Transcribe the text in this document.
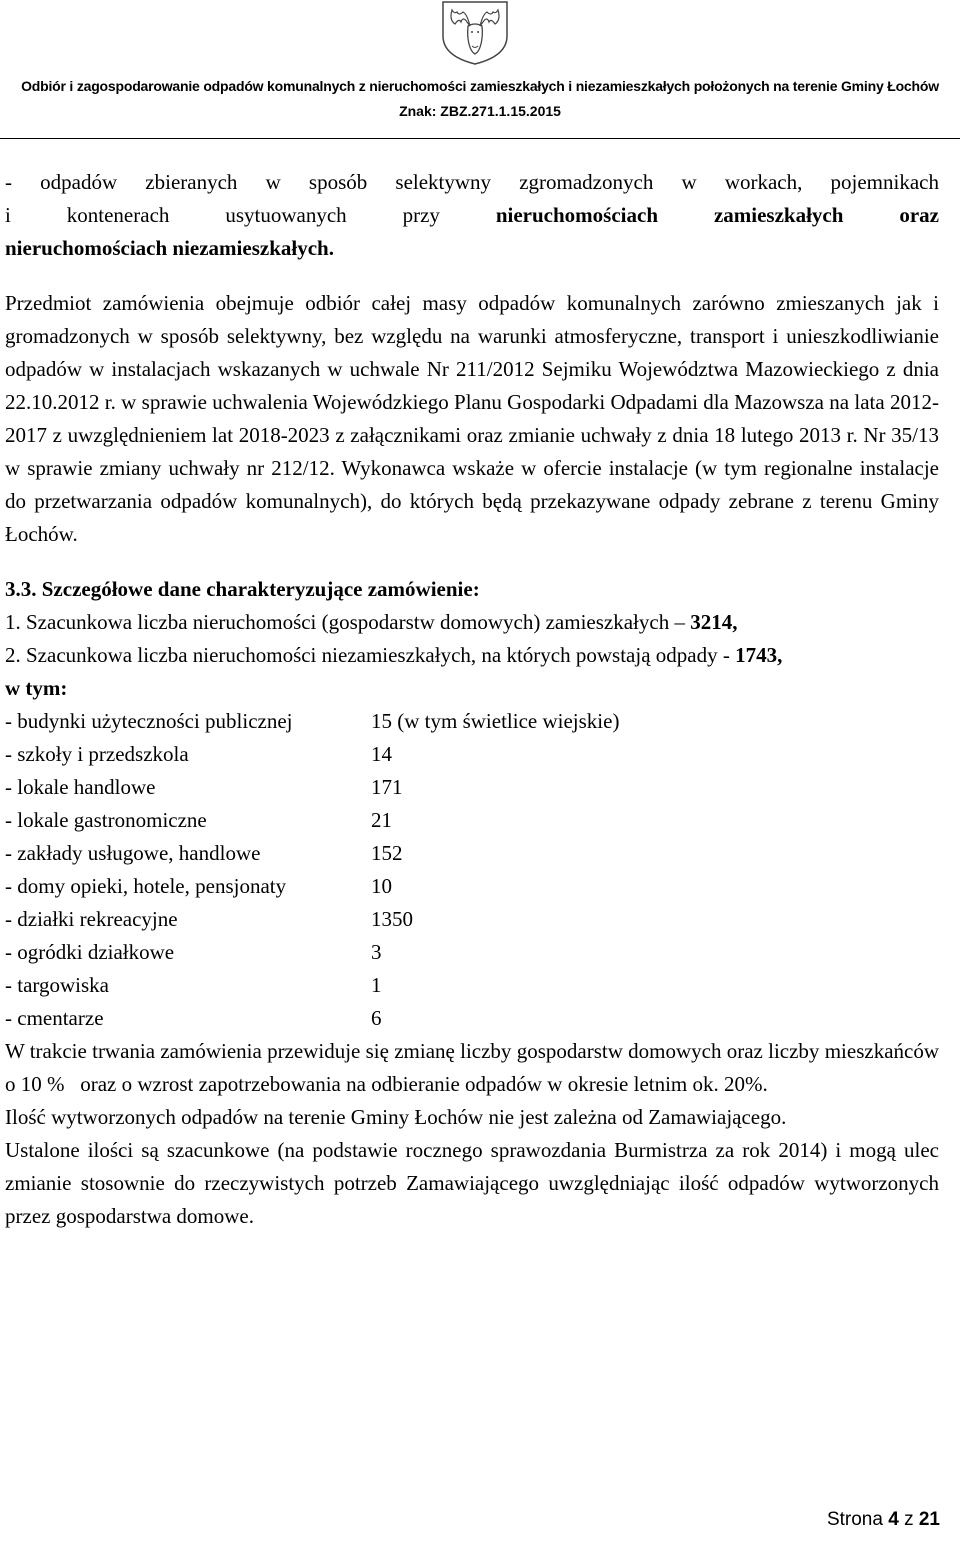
Odbiór i zagospodarowanie odpadów komunalnych z nieruchomości zamieszkałych i niezamieszkałych położonych na terenie Gminy Łochów
Znak: ZBZ.271.1.15.2015

- odpadów zbieranych w sposób selektywny zgromadzonych w workach, pojemnikach

i kontenerach usytuowanych przy nieruchomościach zamieszkałych oraz

nieruchomościach niezamieszkałych.

Przedmiot zamówienia obejmuje odbiór całej masy odpadów komunalnych zarówno zmieszanych jak i gromadzonych w sposób selektywny, bez względu na warunki atmosferyczne, transport i unieszkodliwianie odpadów w instalacjach wskazanych w uchwale Nr 211/2012 Sejmiku Województwa Mazowieckiego z dnia 22.10.2012 r. w sprawie uchwalenia Wojewódzkiego Planu Gospodarki Odpadami dla Mazowsza na lata 2012-2017 z uwzględnieniem lat 2018-2023 z załącznikami oraz zmianie uchwały z dnia 18 lutego 2013 r. Nr 35/13 w sprawie zmiany uchwały nr 212/12. Wykonawca wskaże w ofercie instalacje (w tym regionalne instalacje do przetwarzania odpadów komunalnych), do których będą przekazywane odpady zebrane z terenu Gminy Łochów.

3.3. Szczegółowe dane charakteryzujące zamówienie:

1. Szacunkowa liczba nieruchomości (gospodarstw domowych) zamieszkałych – 3214,

2. Szacunkowa liczba nieruchomości niezamieszkałych, na których powstają odpady - 1743,

w tym:

- budynki użyteczności publicznej	15 (w tym świetlice wiejskie)
- szkoły i przedszkola	14
- lokale handlowe	171
- lokale gastronomiczne	21
- zakłady usługowe, handlowe	152
- domy opieki, hotele, pensjonaty	10
- działki rekreacyjne	1350
- ogródki działkowe	3
- targowiska	1
- cmentarze	6

W trakcie trwania zamówienia przewiduje się zmianę liczby gospodarstw domowych oraz liczby mieszkańców o 10 %   oraz o wzrost zapotrzebowania na odbieranie odpadów w okresie letnim ok. 20%.

Ilość wytworzonych odpadów na terenie Gminy Łochów nie jest zależna od Zamawiającego.

Ustalone ilości są szacunkowe (na podstawie rocznego sprawozdania Burmistrza za rok 2014) i mogą ulec zmianie stosownie do rzeczywistych potrzeb Zamawiającego uwzględniając ilość odpadów wytworzonych przez gospodarstwa domowe.

Strona 4 z 21
